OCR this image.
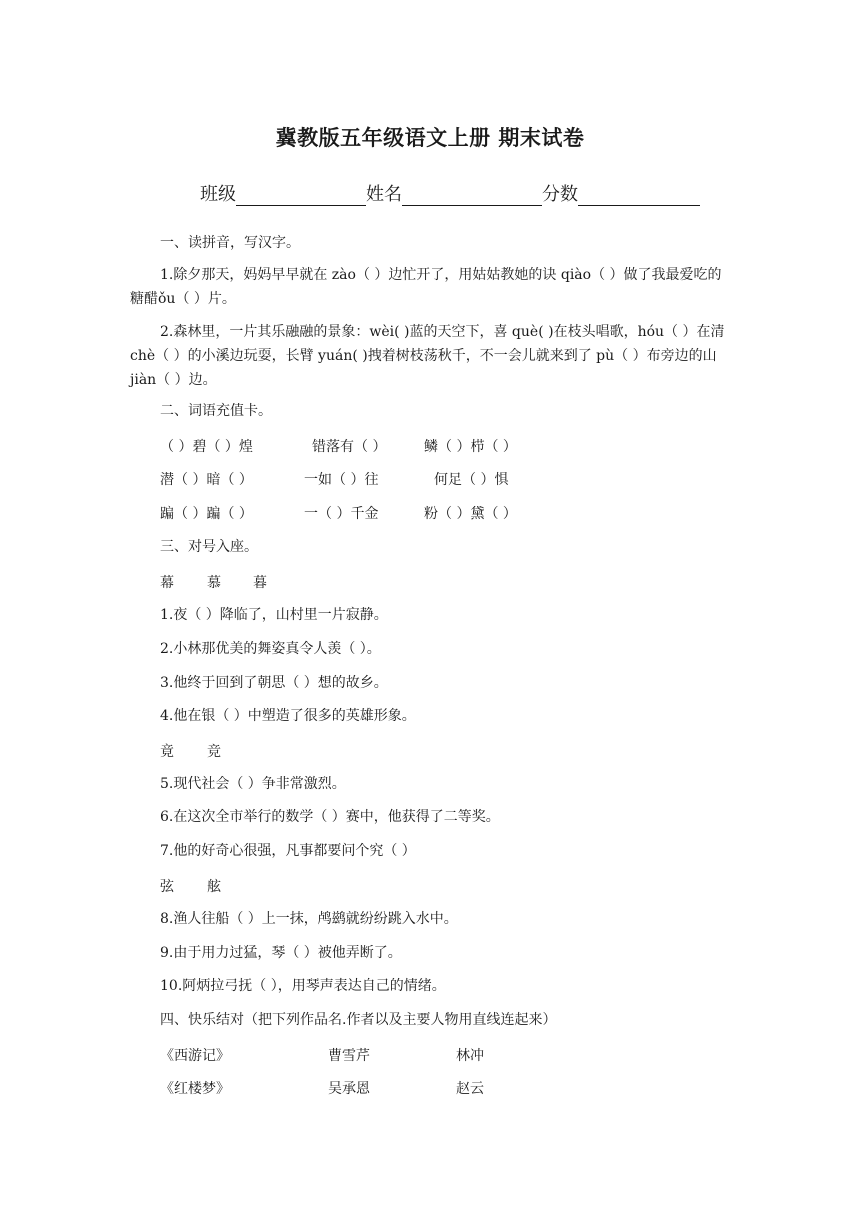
冀教版五年级语文上册 期末试卷
班级	姓名	分数
一、读拼音，写汉字。
1.除夕那天，妈妈早早就在 zào（ ）边忙开了，用姑姑教她的诀 qiào（ ）做了我最爱吃的糖醋ǒu（ ）片。
2.森林里，一片其乐融融的景象：wèi( )蓝的天空下，喜 què( )在枝头唱歌，hóu（ ）在清 chè（ ）的小溪边玩耍，长臂 yuán( )拽着树枝荡秋千，不一会儿就来到了 pù（ ）布旁边的山 jiàn（ ）边。
二、词语充值卡。
（ ）碧（ ）煌	错落有（ ）	鳞（ ）栉（ ）
潜（ ）暗（ ）	一如（ ）往	何足（ ）惧
蹁（ ）蹁（ ）	一（ ）千金	粉（ ）黛（ ）
三、对号入座。
幕 慕 暮
1.夜（ ）降临了，山村里一片寂静。
2.小林那优美的舞姿真令人羡（ ）。
3.他终于回到了朝思（ ）想的故乡。
4.他在银（ ）中塑造了很多的英雄形象。
竟 竞
5.现代社会（ ）争非常激烈。
6.在这次全市举行的数学（ ）赛中，他获得了二等奖。
7.他的好奇心很强，凡事都要问个究（ ）
弦 舷
8.渔人往船（ ）上一抹，鸬鹚就纷纷跳入水中。
9.由于用力过猛，琴（ ）被他弄断了。
10.阿炳拉弓抚（ ），用琴声表达自己的情绪。
四、快乐结对（把下列作品名.作者以及主要人物用直线连起来）
《西游记》	曹雪芹	林冲
《红楼梦》	吴承恩	赵云
